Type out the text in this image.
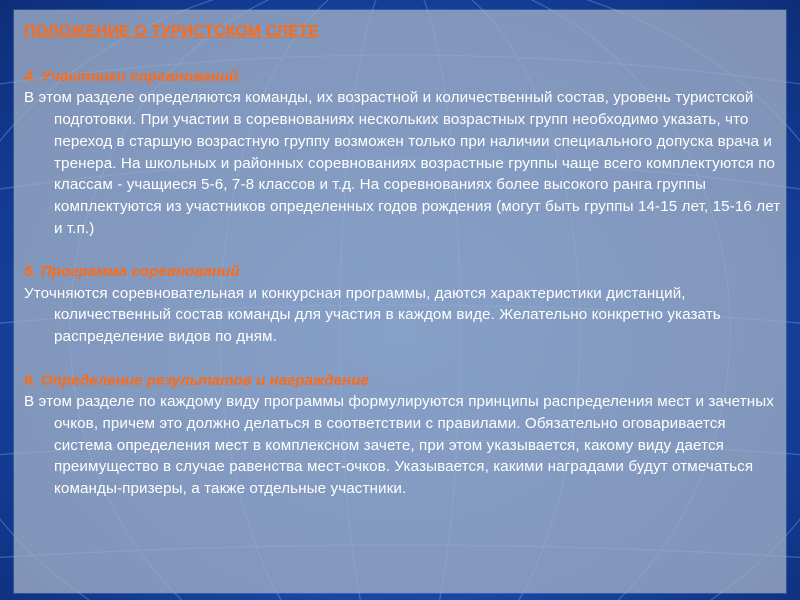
ПОЛОЖЕНИЕ О ТУРИСТСКОМ СЛЁТЕ

4. Участники соревнований

В этом разделе определяются команды, их возрастной и количественный состав, уровень туристской подготовки. При участии в соревнованиях нескольких возрастных групп необходимо указать, что переход в старшую возрастную группу возможен только при наличии специального допуска врача и тренера. На школьных и районных соревнованиях возрастные группы чаще всего комплектуются по классам - учащиеся 5-6, 7-8 классов и т.д. На соревнованиях более высокого ранга группы комплектуются из участников определенных годов рождения (могут быть группы 14-15 лет, 15-16 лет и т.п.)

5. Программа соревнований

Уточняются соревновательная и конкурсная программы, даются характеристики дистанций, количественный состав команды для участия в каждом виде. Желательно конкретно указать распределение видов по дням.

6. Определение результатов и награждение

В этом разделе по каждому виду программы формулируются принципы распределения мест и зачетных очков, причем это должно делаться в соответствии с правилами. Обязательно оговаривается система определения мест в комплексном зачете, при этом указывается, какому виду дается преимущество в случае равенства мест-очков. Указывается, какими наградами будут отмечаться команды-призеры, а также отдельные участники.
